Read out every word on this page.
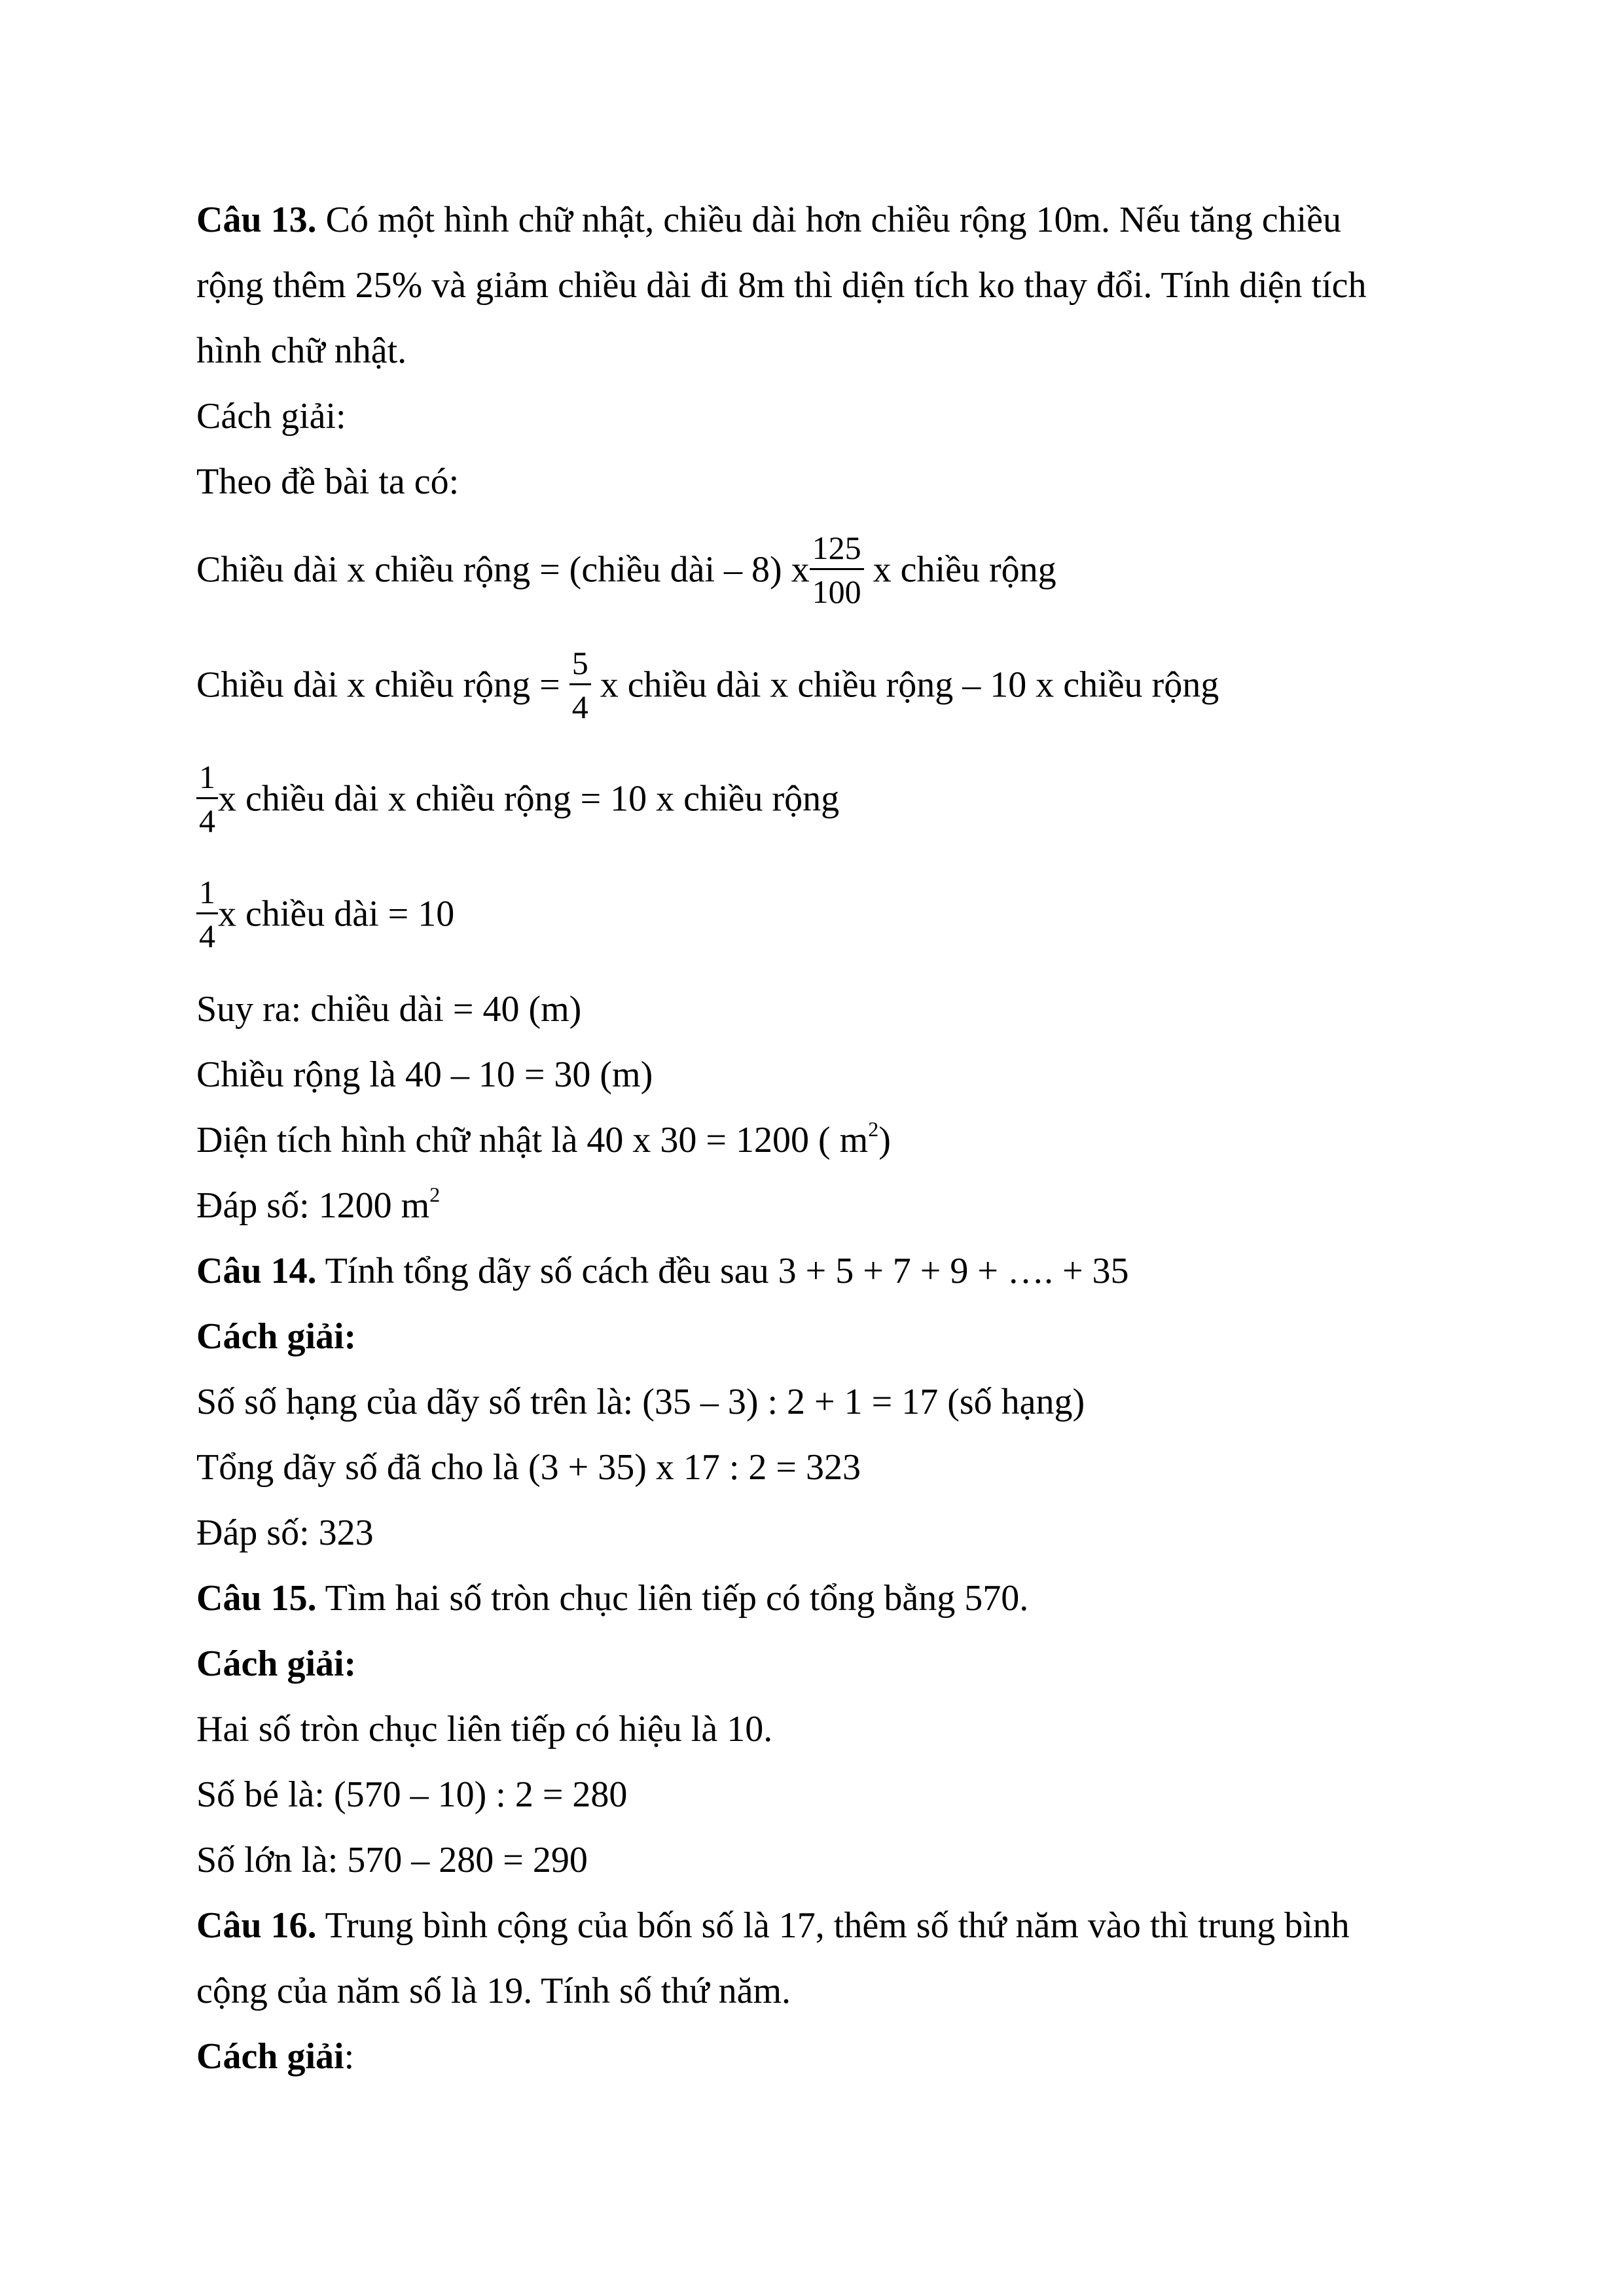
Câu 13. Có một hình chữ nhật, chiều dài hơn chiều rộng 10m. Nếu tăng chiều
rộng thêm 25% và giảm chiều dài đi 8m thì diện tích ko thay đổi. Tính diện tích
hình chữ nhật.
Cách giải:
Theo đề bài ta có:
Chiều dài x chiều rộng = (chiều dài – 8) x $\frac{125}{100}$ x chiều rộng
Chiều dài x chiều rộng = $\frac{5}{4}$ x chiều dài x chiều rộng – 10 x chiều rộng
$\frac{1}{4}$ x chiều dài x chiều rộng = 10 x chiều rộng
$\frac{1}{4}$ x chiều dài = 10
Suy ra: chiều dài = 40 (m)
Chiều rộng là 40 – 10 = 30 (m)
Diện tích hình chữ nhật là 40 x 30 = 1200 ( $m^2$)
Đáp số: 1200 $m^2$
Câu 14. Tính tổng dãy số cách đều sau 3 + 5 + 7 + 9 + …. + 35
Cách giải:
Số số hạng của dãy số trên là: (35 – 3) : 2 + 1 = 17 (số hạng)
Tổng dãy số đã cho là (3 + 35) x 17 : 2 = 323
Đáp số: 323
Câu 15. Tìm hai số tròn chục liên tiếp có tổng bằng 570.
Cách giải:
Hai số tròn chục liên tiếp có hiệu là 10.
Số bé là: (570 – 10) : 2 = 280
Số lớn là: 570 – 280 = 290
Câu 16. Trung bình cộng của bốn số là 17, thêm số thứ năm vào thì trung bình
cộng của năm số là 19. Tính số thứ năm.
Cách giải:
